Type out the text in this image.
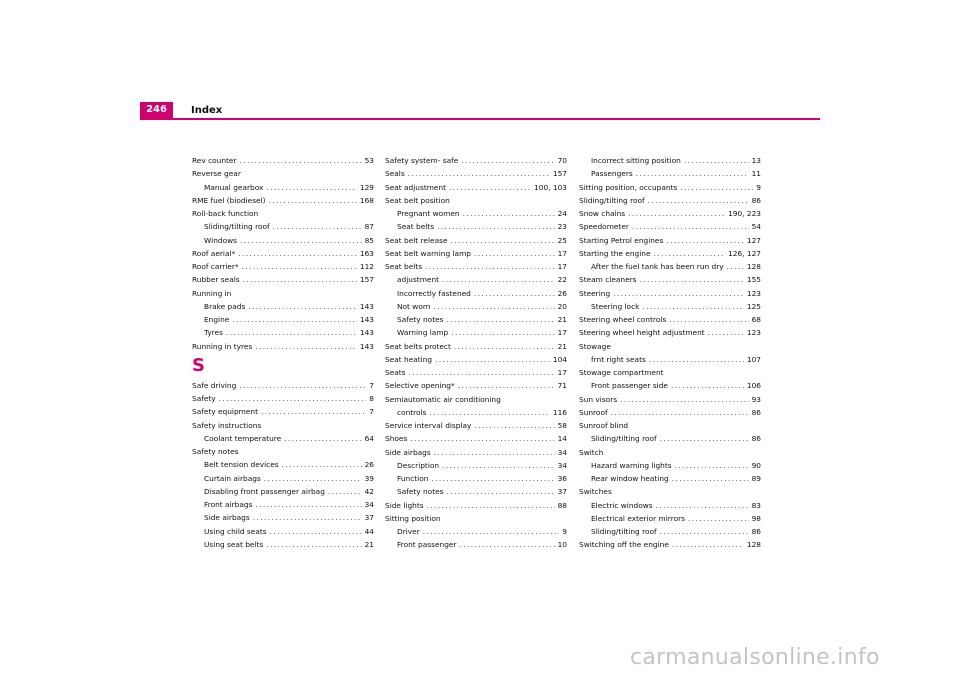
246	Index
Rev counter .....	53
Reverse gear
Manual gearbox .....	129
RME fuel (biodiesel) .....	168
Roll-back function
Sliding/tilting roof .....	87
Windows .....	85
Roof aerial* .....	163
Roof carrier* .....	112
Rubber seals .....	157
Running in
Brake pads .....	143
Engine .....	143
Tyres .....	143
Running in tyres .....	143
S
Safe driving .....	7
Safety .....	8
Safety equipment .....	7
Safety instructions
Coolant temperature .....	64
Safety notes
Belt tension devices .....	26
Curtain airbags .....	39
Disabling front passenger airbag .....	42
Front airbags .....	34
Side airbags .....	37
Using child seats .....	44
Using seat belts .....	21
Safety system- safe .....	70
Seals .....	157
Seat adjustment .....	100, 103
Seat belt position
Pregnant women .....	24
Seat belts .....	23
Seat belt release .....	25
Seat belt warning lamp .....	17
Seat belts .....	17
adjustment .....	22
Incorrectly fastened .....	26
Not worn .....	20
Safety notes .....	21
Warning lamp .....	17
Seat belts protect .....	21
Seat heating .....	104
Seats .....	17
Selective opening* .....	71
Semiautomatic air conditioning
controls .....	116
Service interval display .....	58
Shoes .....	14
Side airbags .....	34
Description .....	34
Function .....	36
Safety notes .....	37
Side lights .....	88
Sitting position
Driver .....	9
Front passenger .....	10
Incorrect sitting position .....	13
Passengers .....	11
Sitting position, occupants .....	9
Sliding/tilting roof .....	86
Snow chains .....	190, 223
Speedometer .....	54
Starting Petrol engines .....	127
Starting the engine .....	126, 127
After the fuel tank has been run dry .....	128
Steam cleaners .....	155
Steering .....	123
Steering lock .....	125
Steering wheel controls .....	68
Steering wheel height adjustment .....	123
Stowage
frnt right seats .....	107
Stowage compartment
Front passenger side .....	106
Sun visors .....	93
Sunroof .....	86
Sunroof blind
Sliding/tilting roof .....	86
Switch
Hazard warning lights .....	90
Rear window heating .....	89
Switches
Electric windows .....	83
Electrical exterior mirrors .....	98
Sliding/tilting roof .....	86
Switching off the engine .....	128
carmanualsonline.info
